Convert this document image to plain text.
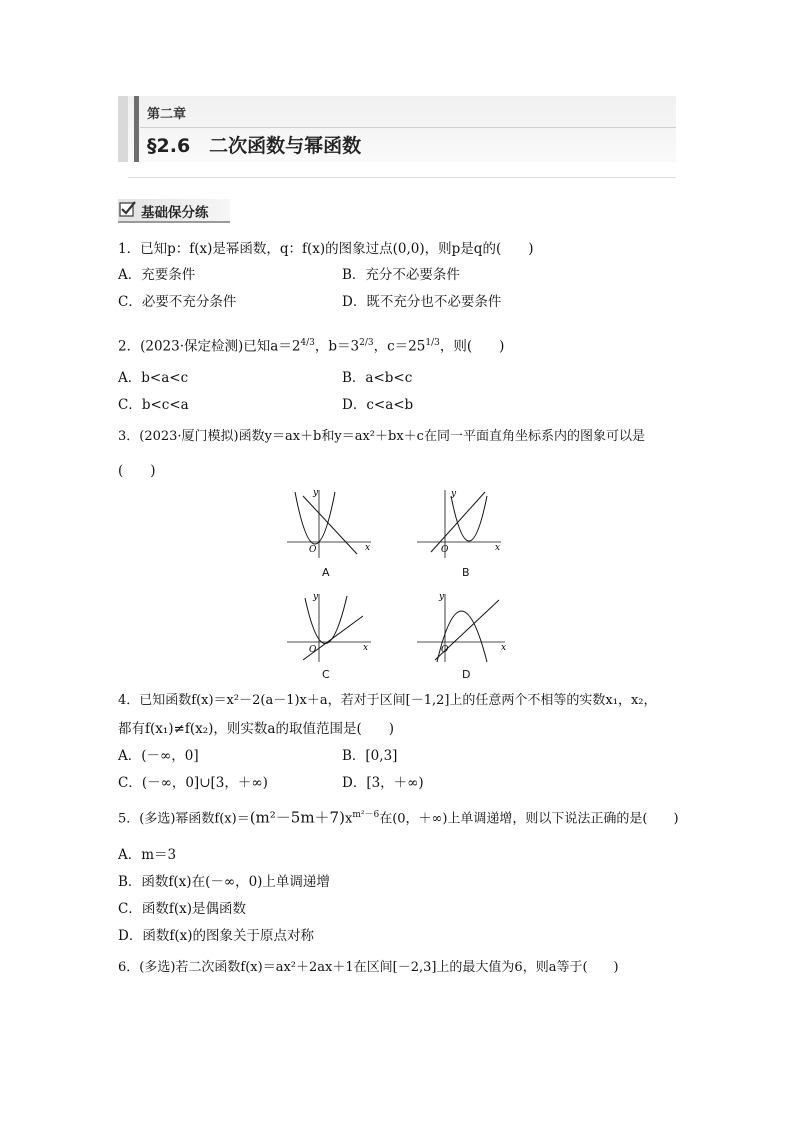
第二章
§2.6　二次函数与幂函数
基础保分练
1．已知p：f(x)是幂函数，q：f(x)的图象过点(0,0)，则p是q的(　　)
A．充要条件	B．充分不必要条件
C．必要不充分条件	D．既不充分也不必要条件
2．(2023·保定检测)已知$a=2^{4/3}$，$b=3^{2/3}$，$c=25^{1/3}$，则(　　)
A．b<a<c	B．a<b<c
C．b<c<a	D．c<a<b
3．(2023·厦门模拟)函数y＝ax＋b和y＝ax²＋bx＋c在同一平面直角坐标系内的图象可以是
(　　)
y
x
O
A
y
x
O
B
y
x
O
C
y
x
O
D
4．已知函数f(x)＝x²－2(a－1)x＋a，若对于区间[－1,2]上的任意两个不相等的实数x₁，x₂，
都有f(x₁)≠f(x₂)，则实数a的取值范围是(　　)
A．(－∞，0]	B．[0,3]
C．(－∞，0]∪[3，＋∞)	D．[3，＋∞)
5．(多选)幂函数$f(x)=(m^2-5m+7)x^{m^2-6}$在(0，＋∞)上单调递增，则以下说法正确的是(　　)
A．m＝3
B．函数f(x)在(－∞，0)上单调递增
C．函数f(x)是偶函数
D．函数f(x)的图象关于原点对称
6．(多选)若二次函数f(x)＝ax²＋2ax＋1在区间[－2,3]上的最大值为6，则a等于(　　)
